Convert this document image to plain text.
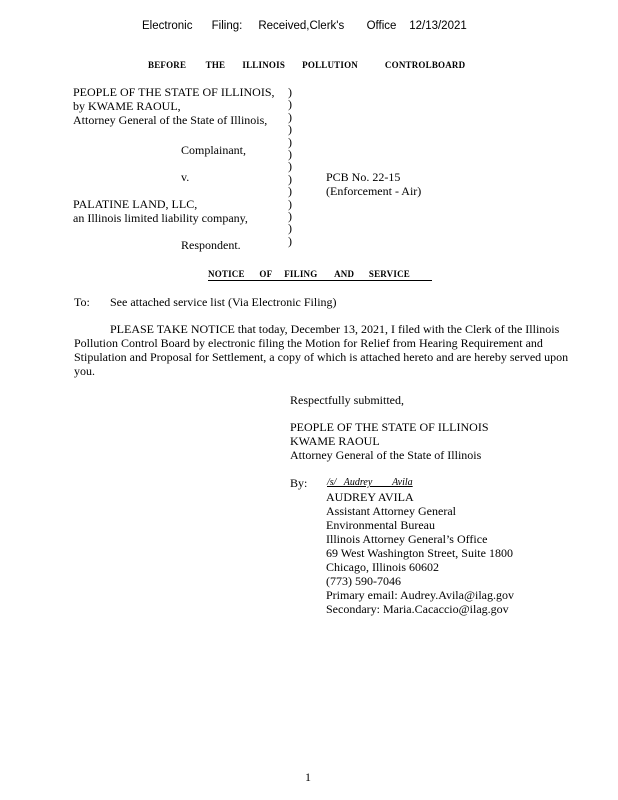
Electronic      Filing:     Received,Clerk's       Office    12/13/2021
BEFORE        THE       ILLINOIS       POLLUTION           CONTROLBOARD
PEOPLE OF THE STATE OF ILLINOIS,
by KWAME RAOUL,
Attorney General of the State of Illinois,
Complainant,
v.
PALATINE LAND, LLC,
an Illinois limited liability company,
Respondent.
)
)
)
)
)
)
)
)
)
)
)
)
)
PCB No. 22-15
(Enforcement - Air)
NOTICE      OF     FILING       AND      SERVICE
To: See attached service list (Via Electronic Filing)
PLEASE TAKE NOTICE that today, December 13, 2021, I filed with the Clerk of the Illinois Pollution Control Board by electronic filing the Motion for Relief from Hearing Requirement and Stipulation and Proposal for Settlement, a copy of which is attached hereto and are hereby served upon you.
Respectfully submitted,
PEOPLE OF THE STATE OF ILLINOIS
KWAME RAOUL
Attorney General of the State of Illinois
By: /s/   Audrey        Avila
AUDREY AVILA
Assistant Attorney General
Environmental Bureau
Illinois Attorney General’s Office
69 West Washington Street, Suite 1800
Chicago, Illinois 60602
(773) 590-7046
Primary email: Audrey.Avila@ilag.gov
Secondary: Maria.Cacaccio@ilag.gov
1
